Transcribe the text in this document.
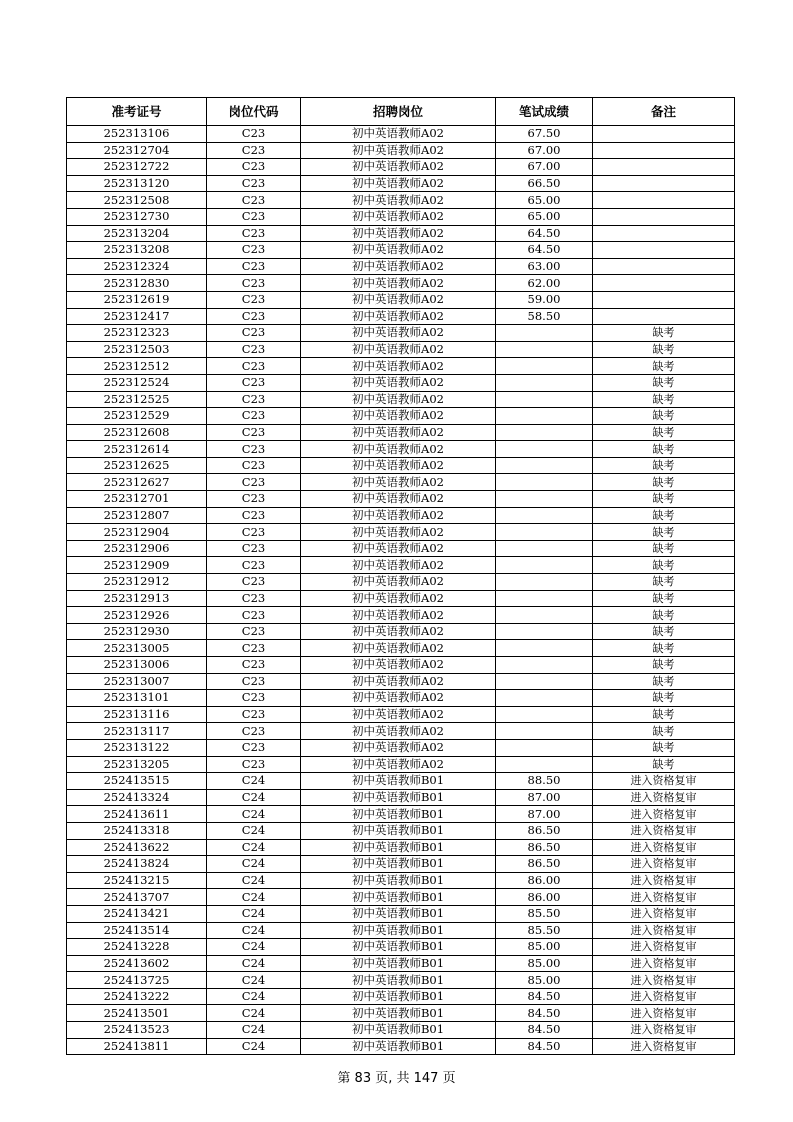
准考证号	岗位代码	招聘岗位	笔试成绩	备注
252313106	C23	初中英语教师A02	67.50	
252312704	C23	初中英语教师A02	67.00	
252312722	C23	初中英语教师A02	67.00	
252313120	C23	初中英语教师A02	66.50	
252312508	C23	初中英语教师A02	65.00	
252312730	C23	初中英语教师A02	65.00	
252313204	C23	初中英语教师A02	64.50	
252313208	C23	初中英语教师A02	64.50	
252312324	C23	初中英语教师A02	63.00	
252312830	C23	初中英语教师A02	62.00	
252312619	C23	初中英语教师A02	59.00	
252312417	C23	初中英语教师A02	58.50	
252312323	C23	初中英语教师A02		缺考
252312503	C23	初中英语教师A02		缺考
252312512	C23	初中英语教师A02		缺考
252312524	C23	初中英语教师A02		缺考
252312525	C23	初中英语教师A02		缺考
252312529	C23	初中英语教师A02		缺考
252312608	C23	初中英语教师A02		缺考
252312614	C23	初中英语教师A02		缺考
252312625	C23	初中英语教师A02		缺考
252312627	C23	初中英语教师A02		缺考
252312701	C23	初中英语教师A02		缺考
252312807	C23	初中英语教师A02		缺考
252312904	C23	初中英语教师A02		缺考
252312906	C23	初中英语教师A02		缺考
252312909	C23	初中英语教师A02		缺考
252312912	C23	初中英语教师A02		缺考
252312913	C23	初中英语教师A02		缺考
252312926	C23	初中英语教师A02		缺考
252312930	C23	初中英语教师A02		缺考
252313005	C23	初中英语教师A02		缺考
252313006	C23	初中英语教师A02		缺考
252313007	C23	初中英语教师A02		缺考
252313101	C23	初中英语教师A02		缺考
252313116	C23	初中英语教师A02		缺考
252313117	C23	初中英语教师A02		缺考
252313122	C23	初中英语教师A02		缺考
252313205	C23	初中英语教师A02		缺考
252413515	C24	初中英语教师B01	88.50	进入资格复审
252413324	C24	初中英语教师B01	87.00	进入资格复审
252413611	C24	初中英语教师B01	87.00	进入资格复审
252413318	C24	初中英语教师B01	86.50	进入资格复审
252413622	C24	初中英语教师B01	86.50	进入资格复审
252413824	C24	初中英语教师B01	86.50	进入资格复审
252413215	C24	初中英语教师B01	86.00	进入资格复审
252413707	C24	初中英语教师B01	86.00	进入资格复审
252413421	C24	初中英语教师B01	85.50	进入资格复审
252413514	C24	初中英语教师B01	85.50	进入资格复审
252413228	C24	初中英语教师B01	85.00	进入资格复审
252413602	C24	初中英语教师B01	85.00	进入资格复审
252413725	C24	初中英语教师B01	85.00	进入资格复审
252413222	C24	初中英语教师B01	84.50	进入资格复审
252413501	C24	初中英语教师B01	84.50	进入资格复审
252413523	C24	初中英语教师B01	84.50	进入资格复审
252413811	C24	初中英语教师B01	84.50	进入资格复审
第 83 页, 共 147 页
